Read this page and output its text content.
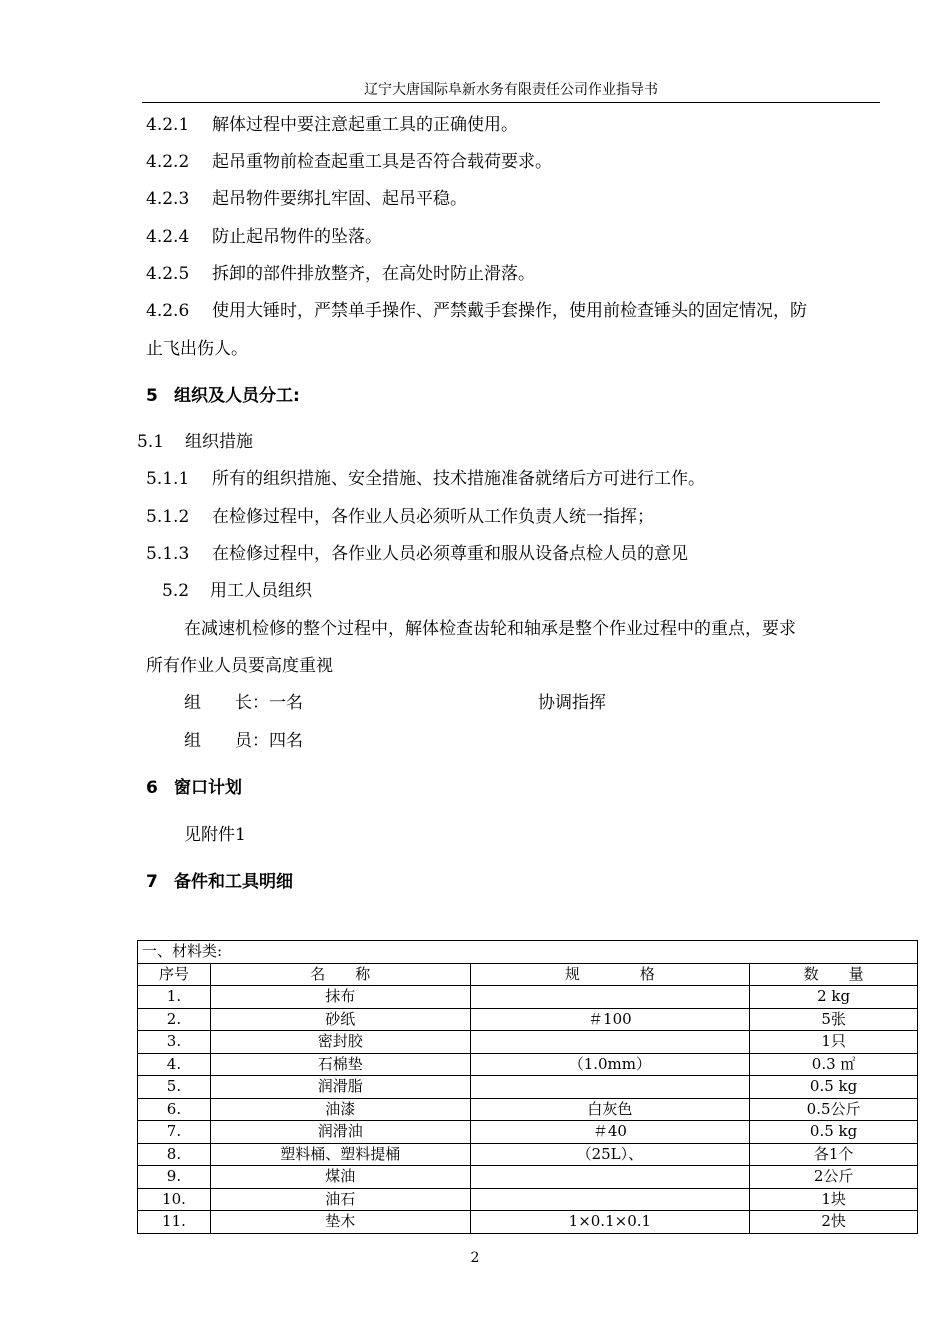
辽宁大唐国际阜新水务有限责任公司作业指导书
4.2.1 解体过程中要注意起重工具的正确使用。
4.2.2 起吊重物前检查起重工具是否符合载荷要求。
4.2.3 起吊物件要绑扎牢固、起吊平稳。
4.2.4 防止起吊物件的坠落。
4.2.5 拆卸的部件排放整齐，在高处时防止滑落。
4.2.6 使用大锤时，严禁单手操作、严禁戴手套操作，使用前检查锤头的固定情况，防
止飞出伤人。
5 组织及人员分工:
5.1 组织措施
5.1.1 所有的组织措施、安全措施、技术措施准备就绪后方可进行工作。
5.1.2 在检修过程中，各作业人员必须听从工作负责人统一指挥；
5.1.3 在检修过程中，各作业人员必须尊重和服从设备点检人员的意见
5.2 用工人员组织
在减速机检修的整个过程中，解体检查齿轮和轴承是整个作业过程中的重点，要求
所有作业人员要高度重视
组　　长：一名	协调指挥
组　　员：四名
6 窗口计划
见附件1
7 备件和工具明细
一、材料类:			
序号	名　　称	规　　　　格	数　　量
1.	抹布		2 kg
2.	砂纸	＃100	5张
3.	密封胶		1只
4.	石棉垫	（1.0mm）	0.3 ㎡
5.	润滑脂		0.5 kg
6.	油漆	白灰色	0.5公斤
7.	润滑油	＃40	0.5 kg
8.	塑料桶、塑料提桶	（25L）、	各1个
9.	煤油		2公斤
10.	油石		1块
11.	垫木	1×0.1×0.1	2快
2
